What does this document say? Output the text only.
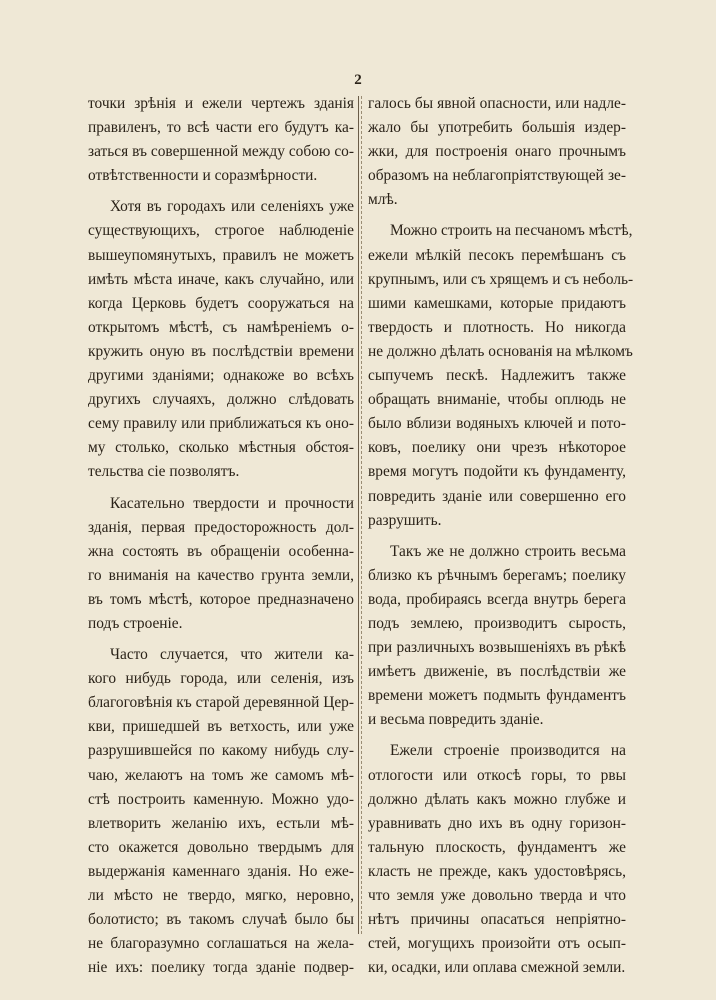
2
точки зрѣнія и ежели чертежъ зданія
правиленъ, то всѣ части его будутъ ка-
заться въ совершенной между собою со-
отвѣтственности и соразмѣрности.
Хотя въ городахъ или селеніяхъ уже
существующихъ, строгое наблюденіе
вышеупомянутыхъ, правилъ не можетъ
имѣть мѣста иначе, какъ случайно, или
когда Церковь будетъ сооружаться на
открытомъ мѣстѣ, съ намѣреніемъ о-
кружить оную въ послѣдствіи времени
другими зданіями; однакоже во всѣхъ
другихъ случаяхъ, должно слѣдовать
сему правилу или приближаться къ оно-
му столько, сколько мѣстныя обстоя-
тельства сіе позволятъ.
Касательно твердости и прочности
зданія, первая предосторожность дол-
жна состоять въ обращеніи особенна-
го вниманія на качество грунта земли,
въ томъ мѣстѣ, которое предназначено
подъ строеніе.
Часто случается, что жители ка-
кого нибудь города, или селенія, изъ
благоговѣнія къ старой деревянной Цер-
кви, пришедшей въ ветхость, или уже
разрушившейся по какому нибудь слу-
чаю, желаютъ на томъ же самомъ мѣ-
стѣ построить каменную. Можно удо-
влетворить желанію ихъ, естьли мѣ-
сто окажется довольно твердымъ для
выдержанія каменнаго зданія. Но еже-
ли мѣсто не твердо, мягко, неровно,
болотисто; въ такомъ случаѣ было бы
не благоразумно соглашаться на жела-
ніе ихъ: поелику тогда зданіе подвер-
галось бы явной опасности, или надле-
жало бы употребить большія издер-
жки, для построенія онаго прочнымъ
образомъ на неблагопріятствующей зе-
млѣ.
Можно строить на песчаномъ мѣстѣ,
ежели мѣлкій песокъ перемѣшанъ съ
крупнымъ, или съ хрящемъ и съ неболь-
шими камешками, которые придаютъ
твердость и плотность. Но никогда
не должно дѣлать основанія на мѣлкомъ
сыпучемъ пескѣ. Надлежитъ также
обращать вниманіе, чтобы оплюдь не
было вблизи водяныхъ ключей и пото-
ковъ, поелику они чрезъ нѣкоторое
время могутъ подойти къ фундаменту,
повредить зданіе или совершенно его
разрушить.
Такъ же не должно строить весьма
близко къ рѣчнымъ берегамъ; поелику
вода, пробираясь всегда внутрь берега
подъ землею, производитъ сырость,
при различныхъ возвышеніяхъ въ рѣкѣ
имѣетъ движеніе, въ послѣдствіи же
времени можетъ подмыть фундаментъ
и весьма повредить зданіе.
Ежели строеніе производится на
отлогости или откосѣ горы, то рвы
должно дѣлать какъ можно глубже и
уравнивать дно ихъ въ одну горизон-
тальную плоскость, фундаментъ же
класть не прежде, какъ удостовѣрясь,
что земля уже довольно тверда и что
нѣтъ причины опасаться непріятно-
стей, могущихъ произойти отъ осып-
ки, осадки, или оплава смежной земли.
